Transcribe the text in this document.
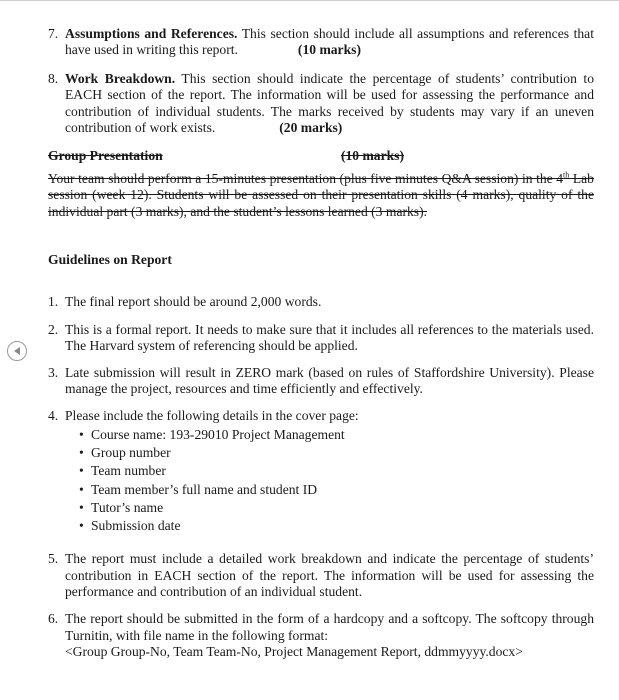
7. Assumptions and References. This section should include all assumptions and references that have used in writing this report.	(10 marks)

8. Work Breakdown. This section should indicate the percentage of students’ contribution to EACH section of the report. The information will be used for assessing the performance and contribution of individual students. The marks received by students may vary if an uneven contribution of work exists.	(20 marks)

Group Presentation	(10 marks)

Your team should perform a 15-minutes presentation (plus five minutes Q&A session) in the 4th Lab session (week 12). Students will be assessed on their presentation skills (4 marks), quality of the individual part (3 marks), and the student’s lessons learned (3 marks).

Guidelines on Report

1. The final report should be around 2,000 words.

2. This is a formal report. It needs to make sure that it includes all references to the materials used. The Harvard system of referencing should be applied.

3. Late submission will result in ZERO mark (based on rules of Staffordshire University). Please manage the project, resources and time efficiently and effectively.

4. Please include the following details in the cover page:

• Course name: 193-29010 Project Management
• Group number
• Team number
• Team member’s full name and student ID
• Tutor’s name
• Submission date
5. The report must include a detailed work breakdown and indicate the percentage of students’ contribution in EACH section of the report. The information will be used for assessing the performance and contribution of an individual student.

6. The report should be submitted in the form of a hardcopy and a softcopy. The softcopy through Turnitin, with file name in the following format:

<Group Group-No, Team Team-No, Project Management Report, ddmmyyyy.docx>
